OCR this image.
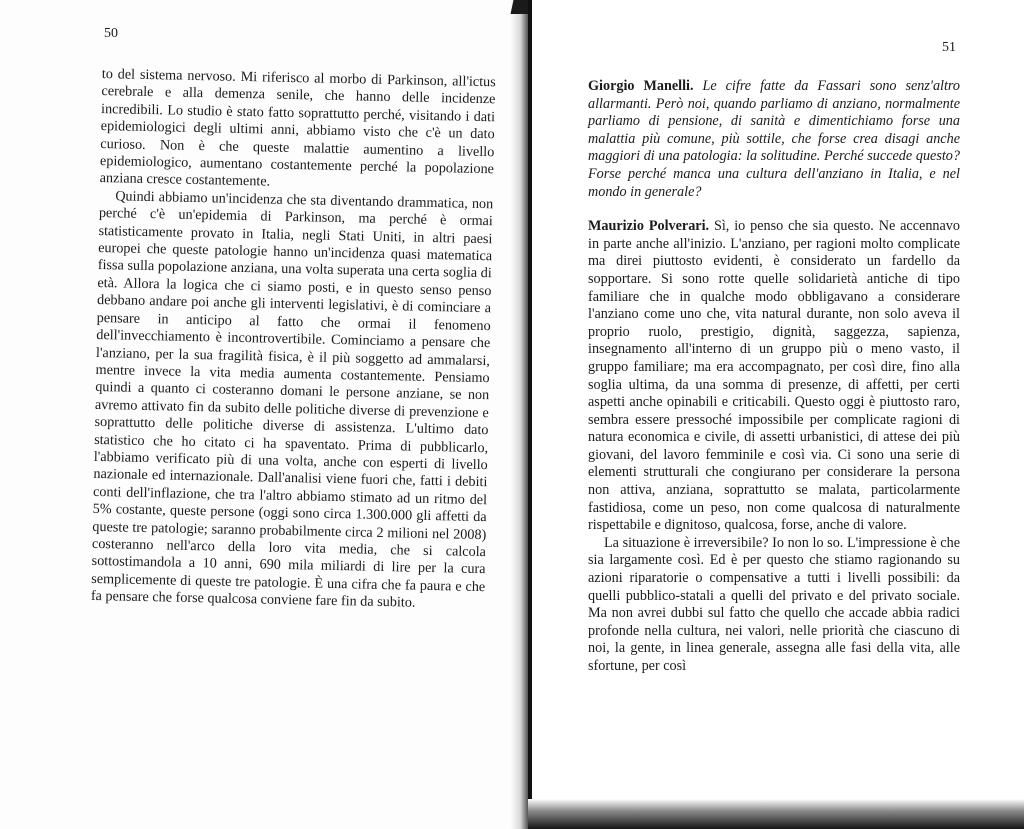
50

to del sistema nervoso. Mi riferisco al morbo di Parkinson, all'ictus cerebrale e alla demenza senile, che hanno delle incidenze incredibili. Lo studio è stato fatto soprattutto perché, visitando i dati epidemiologici degli ultimi anni, abbiamo visto che c'è un dato curioso. Non è che queste malattie aumentino a livello epidemiologico, aumentano costantemente perché la popolazione anziana cresce costantemente.

Quindi abbiamo un'incidenza che sta diventando drammatica, non perché c'è un'epidemia di Parkinson, ma perché è ormai statisticamente provato in Italia, negli Stati Uniti, in altri paesi europei che queste patologie hanno un'incidenza quasi matematica fissa sulla popolazione anziana, una volta superata una certa soglia di età. Allora la logica che ci siamo posti, e in questo senso penso debbano andare poi anche gli interventi legislativi, è di cominciare a pensare in anticipo al fatto che ormai il fenomeno dell'invecchiamento è incontrovertibile. Cominciamo a pensare che l'anziano, per la sua fragilità fisica, è il più soggetto ad ammalarsi, mentre invece la vita media aumenta costantemente. Pensiamo quindi a quanto ci costeranno domani le persone anziane, se non avremo attivato fin da subito delle politiche diverse di prevenzione e soprattutto delle politiche diverse di assistenza. L'ultimo dato statistico che ho citato ci ha spaventato. Prima di pubblicarlo, l'abbiamo verificato più di una volta, anche con esperti di livello nazionale ed internazionale. Dall'analisi viene fuori che, fatti i debiti conti dell'inflazione, che tra l'altro abbiamo stimato ad un ritmo del 5% costante, queste persone (oggi sono circa 1.300.000 gli affetti da queste tre patologie; saranno probabilmente circa 2 milioni nel 2008) costeranno nell'arco della loro vita media, che si calcola sottostimandola a 10 anni, 690 mila miliardi di lire per la cura semplicemente di queste tre patologie. È una cifra che fa paura e che fa pensare che forse qualcosa conviene fare fin da subito.

51

Giorgio Manelli. Le cifre fatte da Fassari sono senz'altro allarmanti. Però noi, quando parliamo di anziano, normalmente parliamo di pensione, di sanità e dimentichiamo forse una malattia più comune, più sottile, che forse crea disagi anche maggiori di una patologia: la solitudine. Perché succede questo? Forse perché manca una cultura dell'anziano in Italia, e nel mondo in generale?

Maurizio Polverari. Sì, io penso che sia questo. Ne accennavo in parte anche all'inizio. L'anziano, per ragioni molto complicate ma direi piuttosto evidenti, è considerato un fardello da sopportare. Si sono rotte quelle solidarietà antiche di tipo familiare che in qualche modo obbligavano a considerare l'anziano come uno che, vita natural durante, non solo aveva il proprio ruolo, prestigio, dignità, saggezza, sapienza, insegnamento all'interno di un gruppo più o meno vasto, il gruppo familiare; ma era accompagnato, per così dire, fino alla soglia ultima, da una somma di presenze, di affetti, per certi aspetti anche opinabili e criticabili. Questo oggi è piuttosto raro, sembra essere pressoché impossibile per complicate ragioni di natura economica e civile, di assetti urbanistici, di attese dei più giovani, del lavoro femminile e così via. Ci sono una serie di elementi strutturali che congiurano per considerare la persona non attiva, anziana, soprattutto se malata, particolarmente fastidiosa, come un peso, non come qualcosa di naturalmente rispettabile e dignitoso, qualcosa, forse, anche di valore.

La situazione è irreversibile? Io non lo so. L'impressione è che sia largamente così. Ed è per questo che stiamo ragionando su azioni riparatorie o compensative a tutti i livelli possibili: da quelli pubblico-statali a quelli del privato e del privato sociale. Ma non avrei dubbi sul fatto che quello che accade abbia radici profonde nella cultura, nei valori, nelle priorità che ciascuno di noi, la gente, in linea generale, assegna alle fasi della vita, alle sfortune, per così
